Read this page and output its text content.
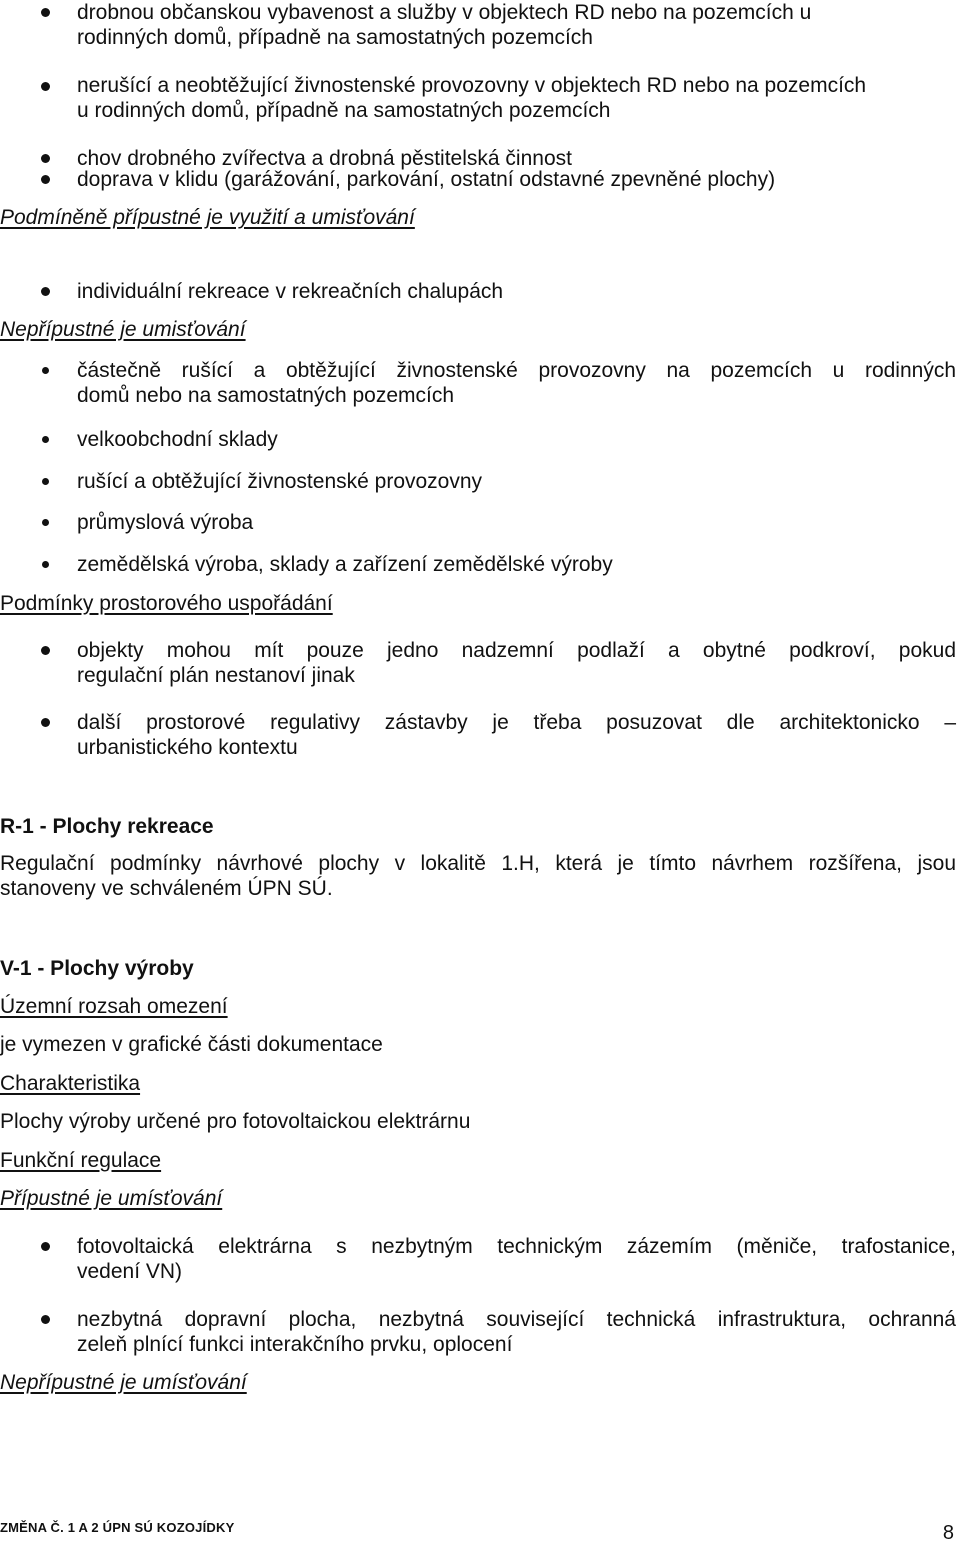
drobnou občanskou vybavenost a služby v objektech RD nebo na pozemcích u
rodinných domů, případně na samostatných pozemcích

nerušící a neobtěžující živnostenské provozovny v objektech RD nebo na pozemcích
u rodinných domů, případně na samostatných pozemcích

chov drobného zvířectva a drobná pěstitelská činnost

doprava v klidu (garážování, parkování, ostatní odstavné zpevněné plochy)

Podmíněně přípustné je využití a umisťování

individuální rekreace v rekreačních chalupách

Nepřípustné je umisťování

částečně rušící a obtěžující živnostenské provozovny na pozemcích u rodinných
domů nebo na samostatných pozemcích

velkoobchodní sklady

rušící a obtěžující živnostenské provozovny

průmyslová výroba

zemědělská výroba, sklady a zařízení zemědělské výroby

Podmínky prostorového uspořádání

objekty mohou mít pouze jedno nadzemní podlaží a obytné podkroví, pokud
regulační plán nestanoví jinak

další prostorové regulativy zástavby je třeba posuzovat dle architektonicko –
urbanistického kontextu

R-1 - Plochy rekreace

Regulační podmínky návrhové plochy v lokalitě 1.H, která je tímto návrhem rozšířena, jsou
stanoveny ve schváleném ÚPN SÚ.

V-1 - Plochy výroby

Územní rozsah omezení

je vymezen v grafické části dokumentace

Charakteristika

Plochy výroby určené pro fotovoltaickou elektrárnu

Funkční regulace

Přípustné je umísťování

fotovoltaická elektrárna s nezbytným technickým zázemím (měniče, trafostanice,
vedení VN)

nezbytná dopravní plocha, nezbytná související technická infrastruktura, ochranná
zeleň plnící funkci interakčního prvku, oplocení

Nepřípustné je umísťování

ZMĚNA Č. 1 A 2 ÚPN SÚ KOZOJÍDKY	8
